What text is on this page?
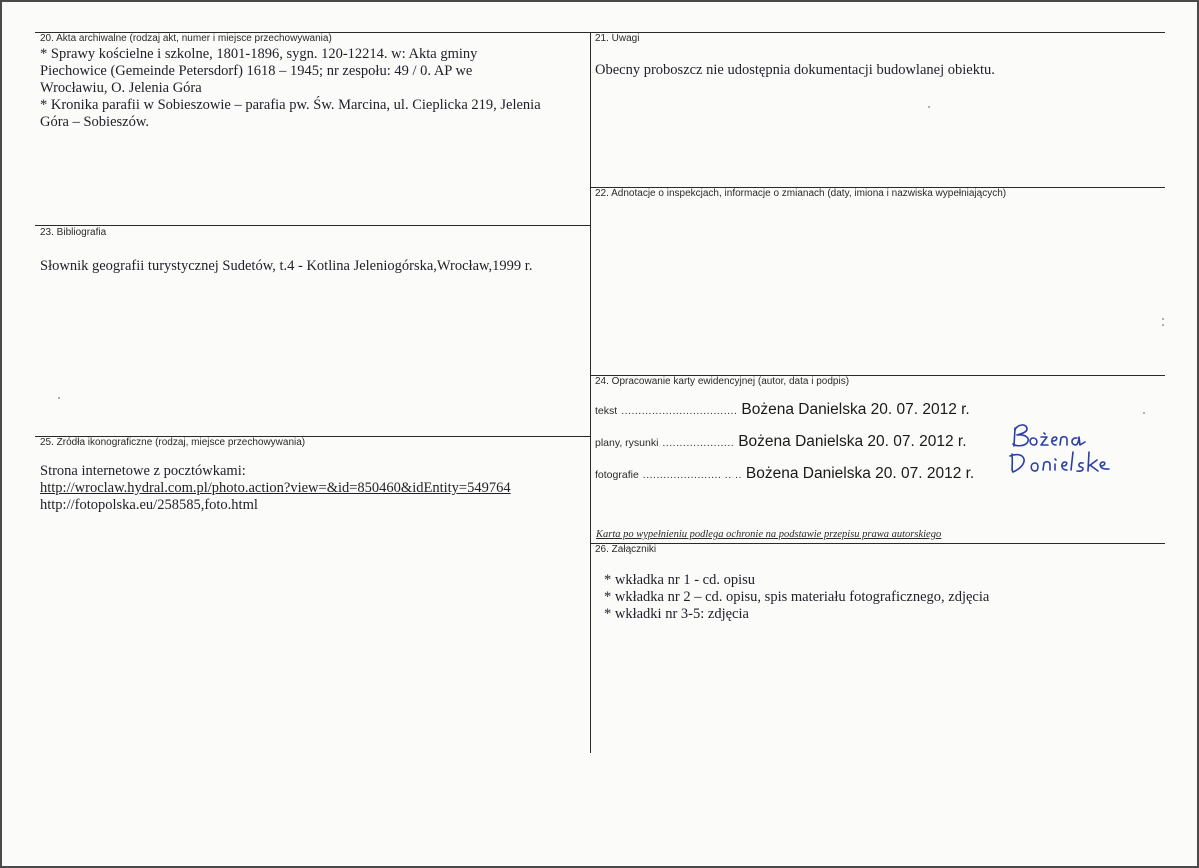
20. Akta archiwalne (rodzaj akt, numer i miejsce przechowywania)
* Sprawy kościelne i szkolne, 1801-1896, sygn. 120-12214. w: Akta gminy
Piechowice (Gemeinde Petersdorf) 1618 – 1945; nr zespołu: 49 / 0. AP we
Wrocławiu, O. Jelenia Góra
* Kronika parafii w Sobieszowie – parafia pw. Św. Marcina, ul. Cieplicka 219, Jelenia
Góra – Sobieszów.
21. Uwagi
Obecny proboszcz nie udostępnia dokumentacji budowlanej obiektu.
22. Adnotacje o inspekcjach, informacje o zmianach (daty, imiona i nazwiska wypełniających)
23. Bibliografia
Słownik geografii turystycznej Sudetów, t.4 - Kotlina Jeleniogórska,Wrocław,1999 r.
24. Opracowanie karty ewidencyjnej (autor, data i podpis)
tekst .................................. Bożena Danielska 20. 07. 2012 r.
plany, rysunki ..................... Bożena Danielska 20. 07. 2012 r.
fotografie ....................... .. .. Bożena Danielska 20. 07. 2012 r.
Karta po wypełnieniu podlega ochronie na podstawie przepisu prawa autorskiego
25. Źródła ikonograficzne (rodzaj, miejsce przechowywania)
Strona internetowe z pocztówkami:
http://wroclaw.hydral.com.pl/photo.action?view=&id=850460&idEntity=549764
http://fotopolska.eu/258585,foto.html
26. Załączniki
* wkładka nr 1 - cd. opisu
* wkładka nr 2 – cd. opisu, spis materiału fotograficznego, zdjęcia
* wkładki nr 3-5: zdjęcia
